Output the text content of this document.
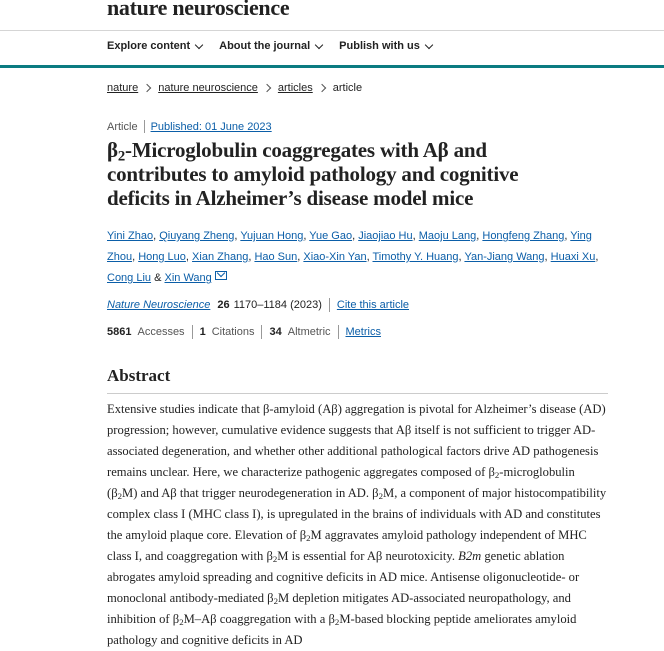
nature neuroscience
Explore content	About the journal	Publish with us
nature nature neuroscience articles article
Article Published: 01 June 2023
$\beta_2$-Microglobulin coaggregates with Aβ and contributes to amyloid pathology and cognitive deficits in Alzheimer’s disease model mice
Yini Zhao, Qiuyang Zheng, Yujuan Hong, Yue Gao, Jiaojiao Hu, Maoju Lang, Hongfeng Zhang, Ying Zhou, Hong Luo, Xian Zhang, Hao Sun, Xiao-Xin Yan, Timothy Y. Huang, Yan-Jiang Wang, Huaxi Xu, Cong Liu & Xin Wang
Nature Neuroscience 26 1170–1184 (2023) Cite this article
5861 Accesses 1 Citations 34 Altmetric Metrics
Abstract

Extensive studies indicate that β-amyloid (Aβ) aggregation is pivotal for Alzheimer’s disease (AD) progression; however, cumulative evidence suggests that Aβ itself is not sufficient to trigger AD-associated degeneration, and whether other additional pathological factors drive AD pathogenesis remains unclear. Here, we characterize pathogenic aggregates composed of $\beta_2$-microglobulin $(\beta_2M)$ and Aβ that trigger neurodegeneration in AD. $\beta_2M$, a component of major histocompatibility complex class I (MHC class I), is upregulated in the brains of individuals with AD and constitutes the amyloid plaque core. Elevation of $\beta_2M$ aggravates amyloid pathology independent of MHC class I, and coaggregation with $\beta_2M$ is essential for Aβ neurotoxicity. B2m genetic ablation abrogates amyloid spreading and cognitive deficits in AD mice. Antisense oligonucleotide- or monoclonal antibody-mediated $\beta_2M$ depletion mitigates AD-associated neuropathology, and inhibition of $\beta_2M-A\beta$ coaggregation with a $\beta_2M$-based blocking peptide ameliorates amyloid pathology and cognitive deficits in AD
